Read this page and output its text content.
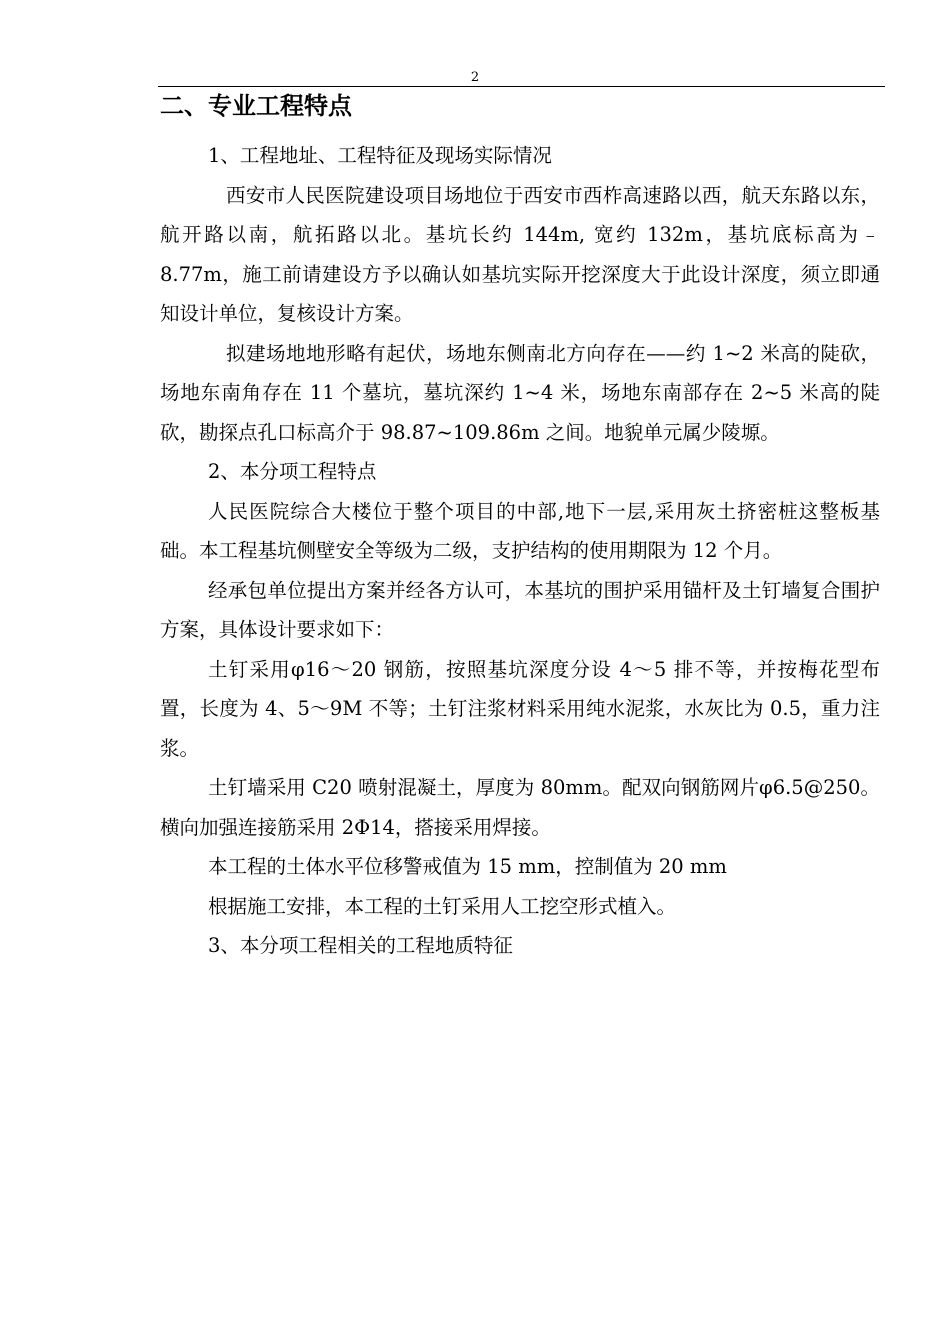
2
二、专业工程特点

1、工程地址、工程特征及现场实际情况

西安市人民医院建设项目场地位于西安市西柞高速路以西，航天东路以东，航开路以南，航拓路以北。基坑长约 144m, 宽约 132m，基坑底标高为﹣8.77m，施工前请建设方予以确认如基坑实际开挖深度大于此设计深度，须立即通知设计单位，复核设计方案。

拟建场地地形略有起伏，场地东侧南北方向存在——约 1~2 米高的陡砍，场地东南角存在 11 个墓坑，墓坑深约 1~4 米，场地东南部存在 2~5 米高的陡砍，勘探点孔口标高介于 98.87~109.86m 之间。地貌单元属少陵塬。

2、本分项工程特点

人民医院综合大楼位于整个项目的中部,地下一层,采用灰土挤密桩这整板基础。本工程基坑侧壁安全等级为二级，支护结构的使用期限为 12 个月。

经承包单位提出方案并经各方认可，本基坑的围护采用锚杆及土钉墙复合围护方案，具体设计要求如下：

土钉采用φ16～20 钢筋，按照基坑深度分设 4～5 排不等，并按梅花型布置，长度为 4、5～9M 不等；土钉注浆材料采用纯水泥浆，水灰比为 0.5，重力注浆。

土钉墙采用 C20 喷射混凝土，厚度为 80mm。配双向钢筋网片φ6.5@250。横向加强连接筋采用 2Φ14，搭接采用焊接。

本工程的土体水平位移警戒值为 15 mm，控制值为 20 mm

根据施工安排，本工程的土钉采用人工挖空形式植入。

3、本分项工程相关的工程地质特征
